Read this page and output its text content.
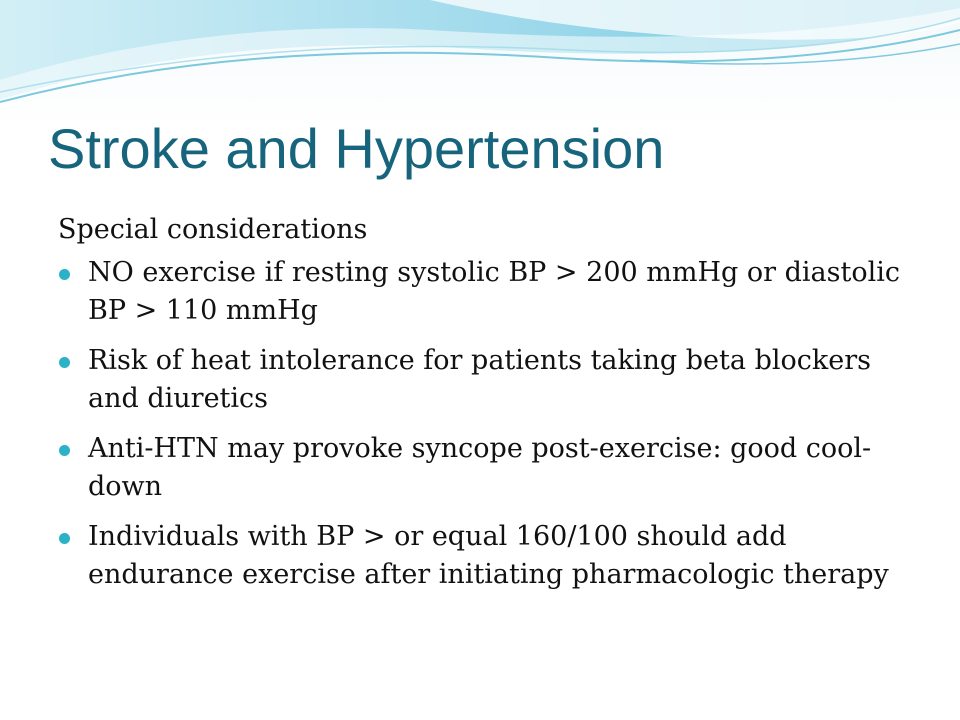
Stroke and Hypertension
Special considerations
NO exercise if resting systolic BP > 200 mmHg or diastolic BP > 110 mmHg
Risk of heat intolerance for patients taking beta blockers and diuretics
Anti-HTN may provoke syncope post-exercise: good cool-down
Individuals with BP > or equal 160/100 should add endurance exercise after initiating pharmacologic therapy
